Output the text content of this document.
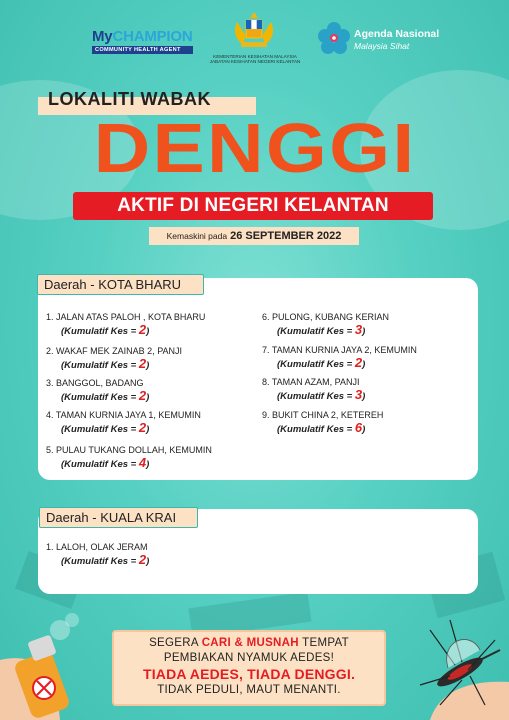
MyCHAMPION
COMMUNITY HEALTH AGENT
KEMENTERIAN KESIHATAN MALAYSIA
JABATAN KESIHATAN NEGERI KELANTAN
Agenda Nasional
Malaysia Sihat
LOKALITI WABAK
DENGGI
AKTIF DI NEGERI KELANTAN
Kemaskini pada 26 SEPTEMBER 2022
Daerah - KOTA BHARU
1. JALAN ATAS PALOH , KOTA BHARU
(Kumulatif Kes = 2)
2. WAKAF MEK ZAINAB 2, PANJI
(Kumulatif Kes = 2)
3. BANGGOL, BADANG
(Kumulatif Kes = 2)
4. TAMAN KURNIA JAYA 1, KEMUMIN
(Kumulatif Kes = 2)
5. PULAU TUKANG DOLLAH, KEMUMIN
(Kumulatif Kes = 4)
6. PULONG, KUBANG KERIAN
(Kumulatif Kes = 3)
7. TAMAN KURNIA JAYA 2, KEMUMIN
(Kumulatif Kes = 2)
8. TAMAN AZAM, PANJI
(Kumulatif Kes = 3)
9. BUKIT CHINA 2, KETEREH
(Kumulatif Kes = 6)
Daerah - KUALA KRAI
1. LALOH, OLAK JERAM
(Kumulatif Kes = 2)
SEGERA CARI & MUSNAH TEMPAT
PEMBIAKAN NYAMUK AEDES!
TIADA AEDES, TIADA DENGGI.
TIDAK PEDULI, MAUT MENANTI.
